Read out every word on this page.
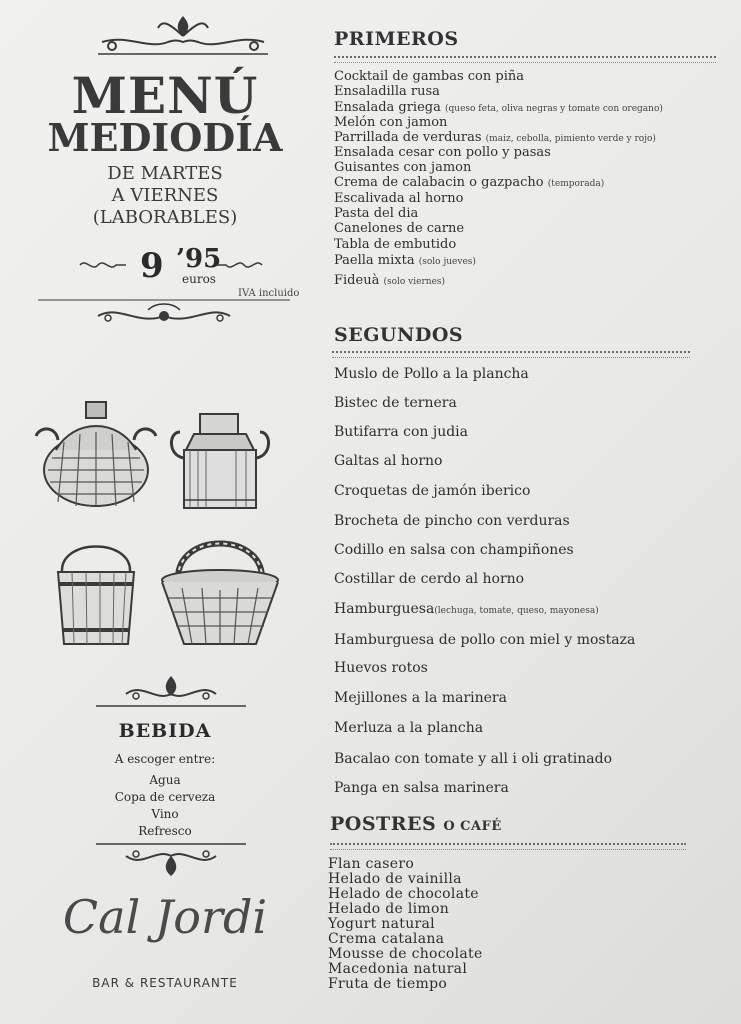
MENÚ
MEDIODÍA
DE MARTES
A VIERNES
(LABORABLES)
9 ’95
euros
IVA incluido
BEBIDA
A escoger entre:
Agua
Copa de cerveza
Vino
Refresco
Cal Jordi
BAR & RESTAURANTE
PRIMEROS
Cocktail de gambas con piña
Ensaladilla rusa
Ensalada griega (queso feta, oliva negras y tomate con oregano)
Melón con jamon
Parrillada de verduras (maiz, cebolla, pimiento verde y rojo)
Ensalada cesar con pollo y pasas
Guisantes con jamon
Crema de calabacin o gazpacho (temporada)
Escalivada al horno
Pasta del dia
Canelones de carne
Tabla de embutido
Paella mixta (solo jueves)
Fideuà (solo viernes)
SEGUNDOS
Muslo de Pollo a la plancha
Bistec de ternera
Butifarra con judia
Galtas al horno
Croquetas de jamón iberico
Brocheta de pincho con verduras
Codillo en salsa con champiñones
Costillar de cerdo al horno
Hamburguesa(lechuga, tomate, queso, mayonesa)
Hamburguesa de pollo con miel y mostaza
Huevos rotos
Mejillones a la marinera
Merluza a la plancha
Bacalao con tomate y all i oli gratinado
Panga en salsa marinera
POSTRES O CAFÉ
Flan casero
Helado de vainilla
Helado de chocolate
Helado de limon
Yogurt natural
Crema catalana
Mousse de chocolate
Macedonia natural
Fruta de tiempo
